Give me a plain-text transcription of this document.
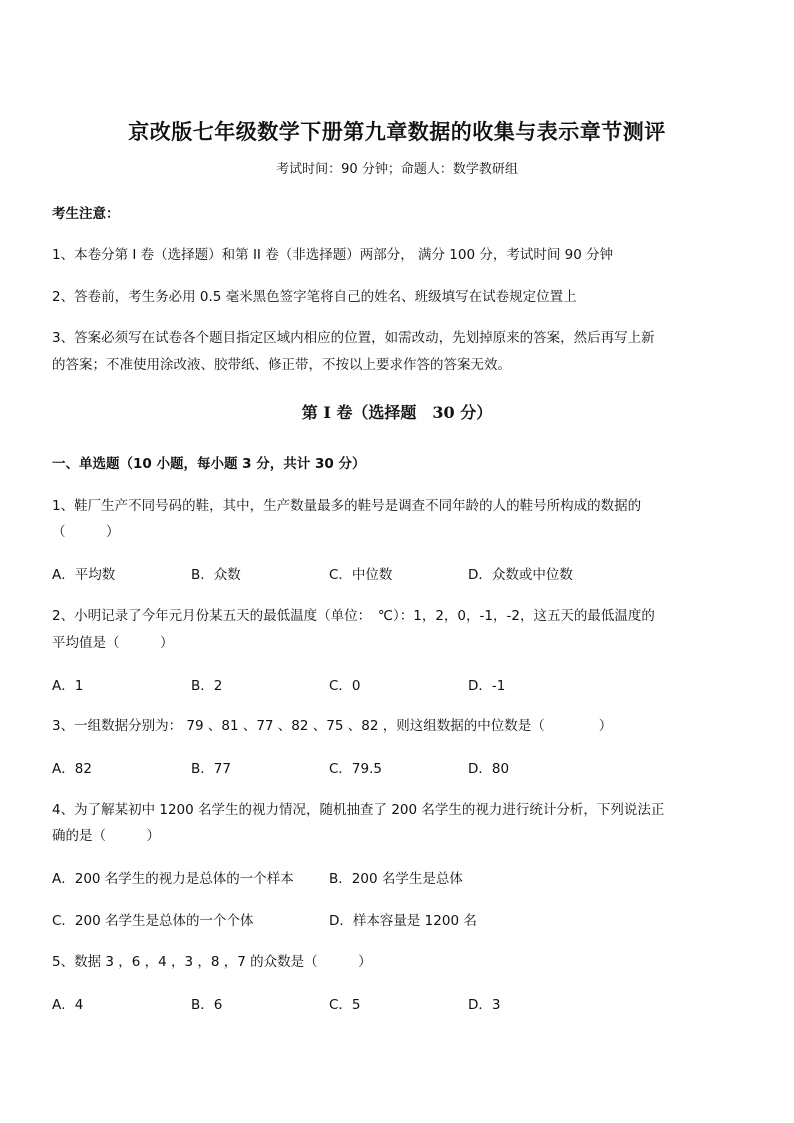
京改版七年级数学下册第九章数据的收集与表示章节测评
考试时间：90 分钟；命题人：数学教研组
考生注意：
1、本卷分第 I 卷（选择题）和第 II 卷（非选择题）两部分， 满分 100 分，考试时间 90 分钟
2、答卷前，考生务必用 0.5 毫米黑色签字笔将自己的姓名、班级填写在试卷规定位置上
3、答案必须写在试卷各个题目指定区域内相应的位置，如需改动，先划掉原来的答案，然后再写上新
的答案；不准使用涂改液、胶带纸、修正带，不按以上要求作答的答案无效。
第 I 卷（选择题　30 分）
一、单选题（10 小题，每小题 3 分，共计 30 分）
1、鞋厂生产不同号码的鞋，其中，生产数量最多的鞋号是调查不同年龄的人的鞋号所构成的数据的
（　　　）
A．平均数	B．众数	C．中位数	D．众数或中位数
2、小明记录了今年元月份某五天的最低温度（单位：　℃）：1，2，0，-1，-2，这五天的最低温度的
平均值是（　　　）
A．1	B．2	C．0	D．-1
3、一组数据分别为： 79 、81 、77 、82 、75 、82 ，则这组数据的中位数是（　　　　）
A．82	B．77	C．79.5	D．80
4、为了解某初中 1200 名学生的视力情况，随机抽查了 200 名学生的视力进行统计分析，下列说法正
确的是（　　　）
A．200 名学生的视力是总体的一个样本	B．200 名学生是总体
C．200 名学生是总体的一个个体	D．样本容量是 1200 名
5、数据 3 ，6 ，4 ，3 ，8 ，7 的众数是（　　　）
A．4	B．6	C．5	D．3
